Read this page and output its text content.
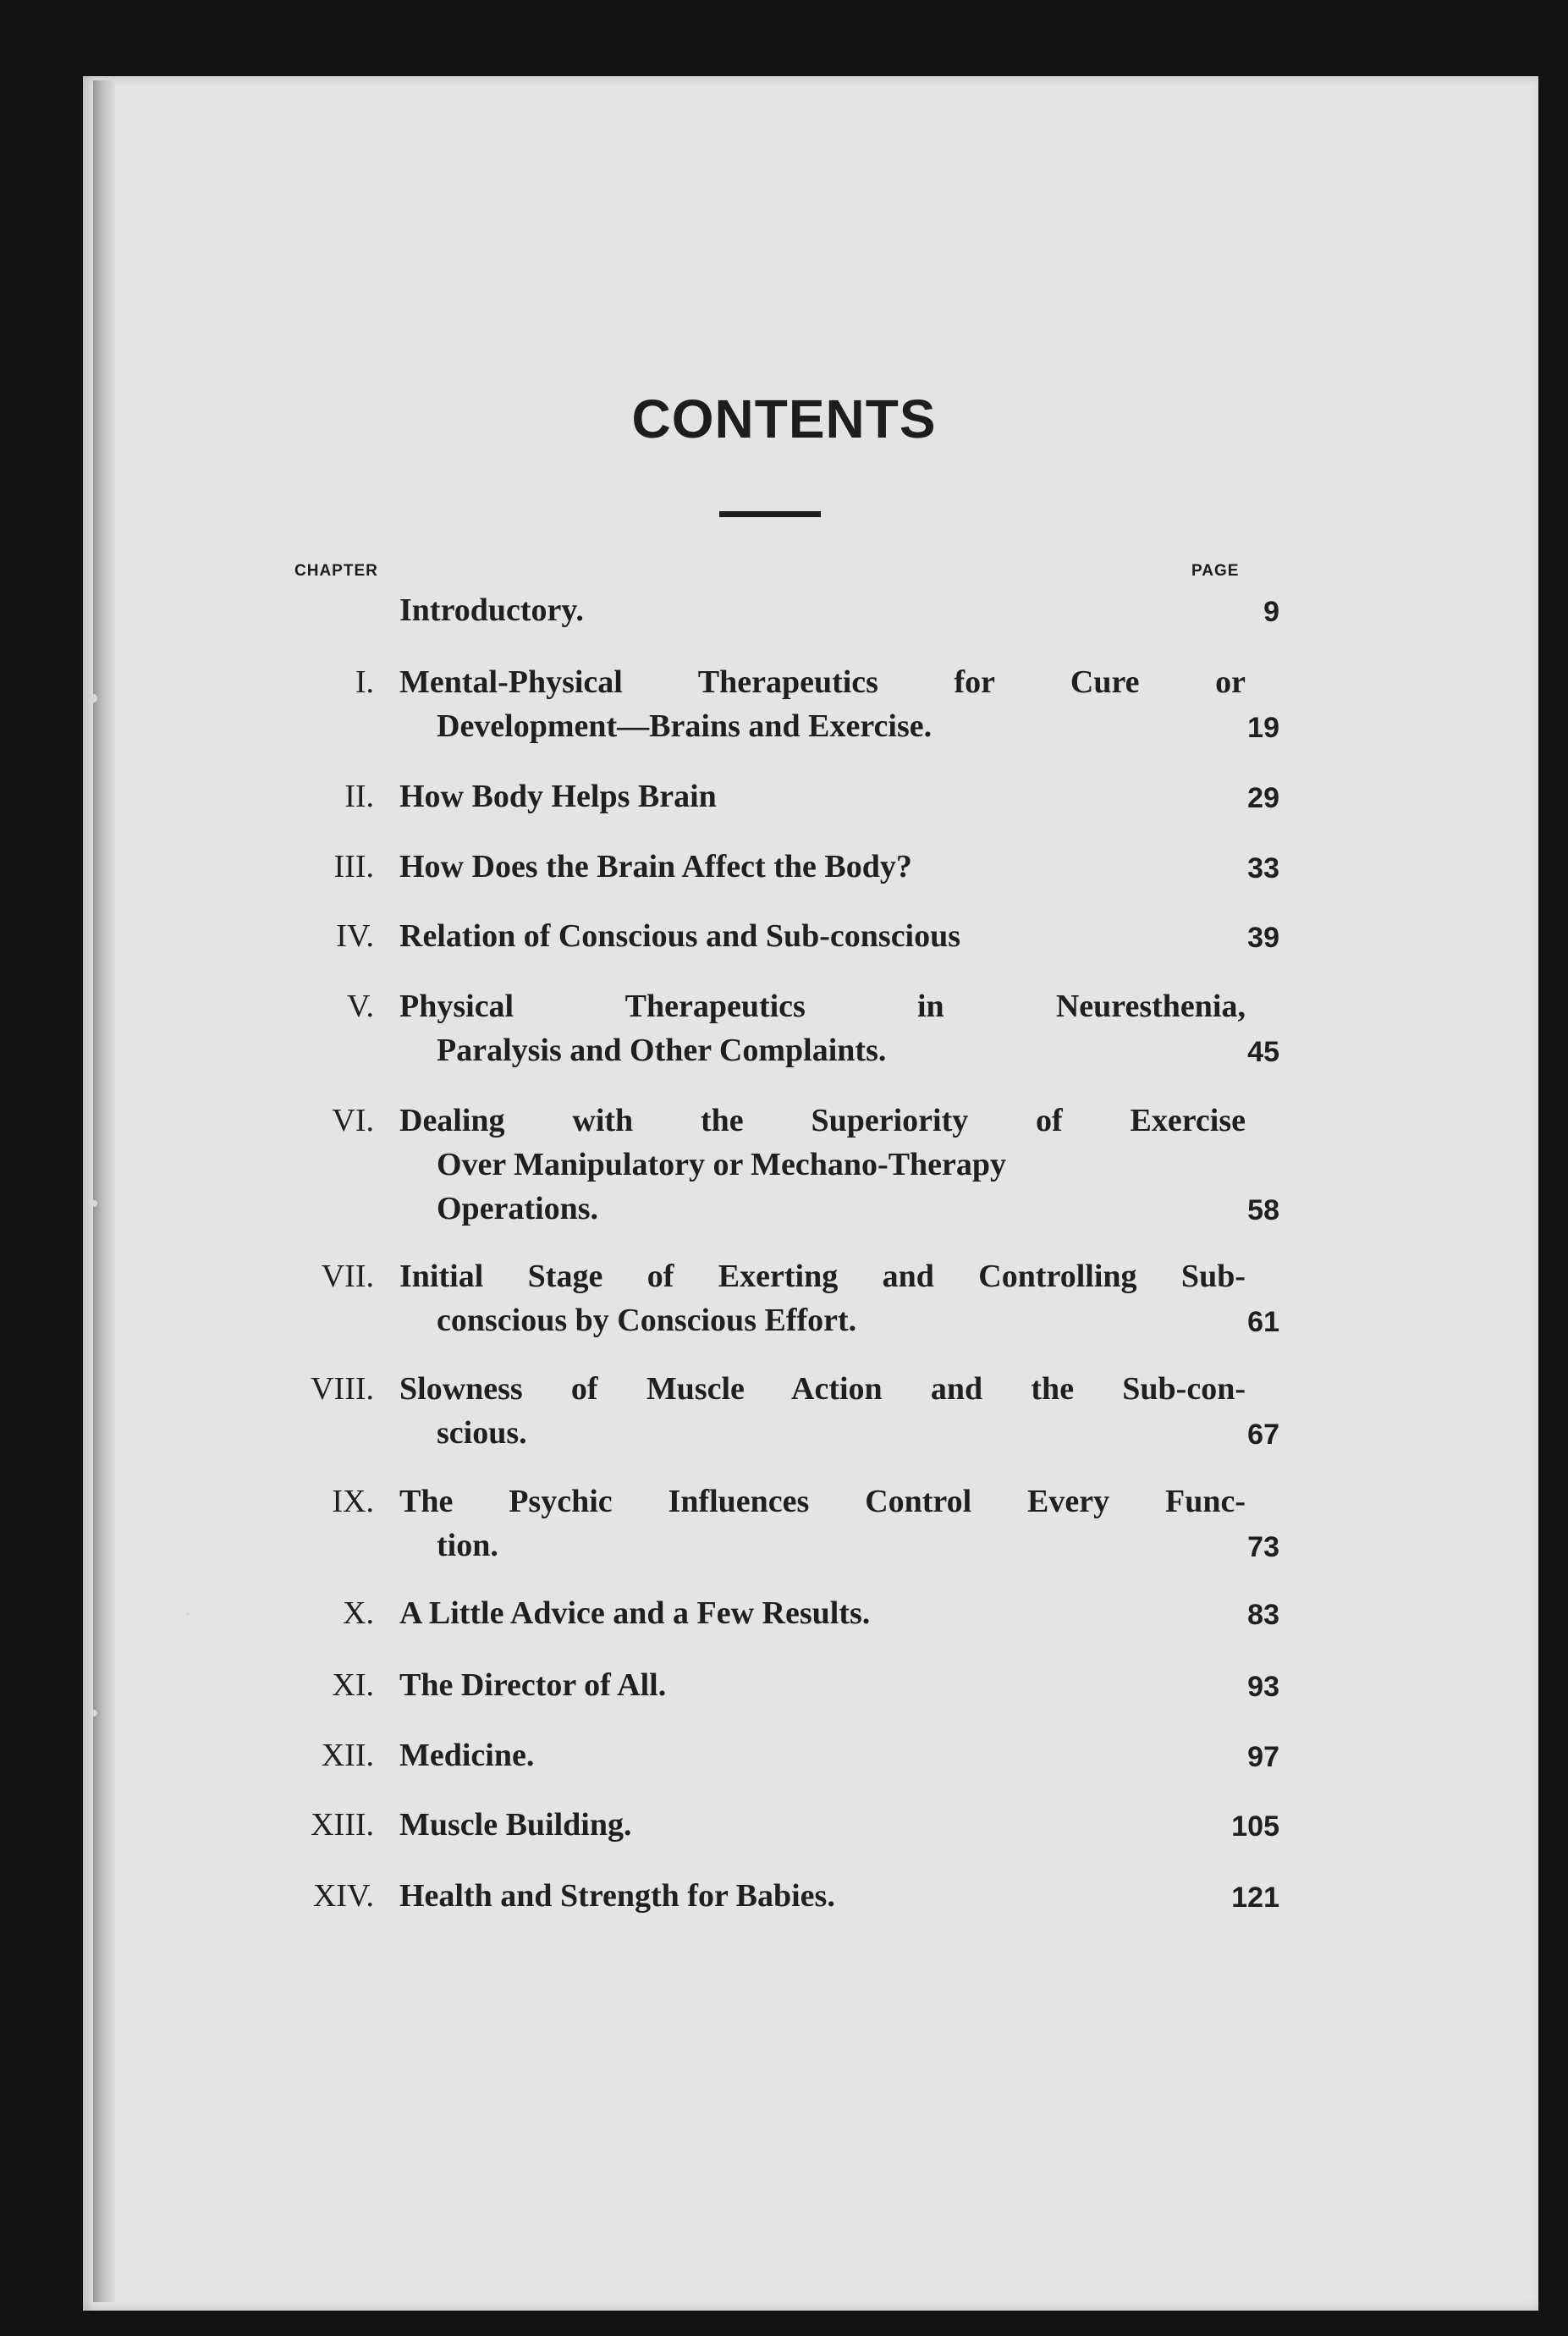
CONTENTS
CHAPTER	PAGE
Introductory.	9
I. Mental-Physical Therapeutics for Cure or
Development—Brains and Exercise.	19
II. How Body Helps Brain	29
III. How Does the Brain Affect the Body?	33
IV. Relation of Conscious and Sub-conscious	39
V. Physical Therapeutics in Neuresthenia,
Paralysis and Other Complaints.	45
VI. Dealing with the Superiority of Exercise
Over Manipulatory or Mechano-Therapy
Operations.	58
VII. Initial Stage of Exerting and Controlling Sub-
conscious by Conscious Effort.	61
VIII. Slowness of Muscle Action and the Sub-con-
scious.	67
IX. The Psychic Influences Control Every Func-
tion.	73
X. A Little Advice and a Few Results.	83
XI. The Director of All.	93
XII. Medicine.	97
XIII. Muscle Building.	105
XIV. Health and Strength for Babies.	121
